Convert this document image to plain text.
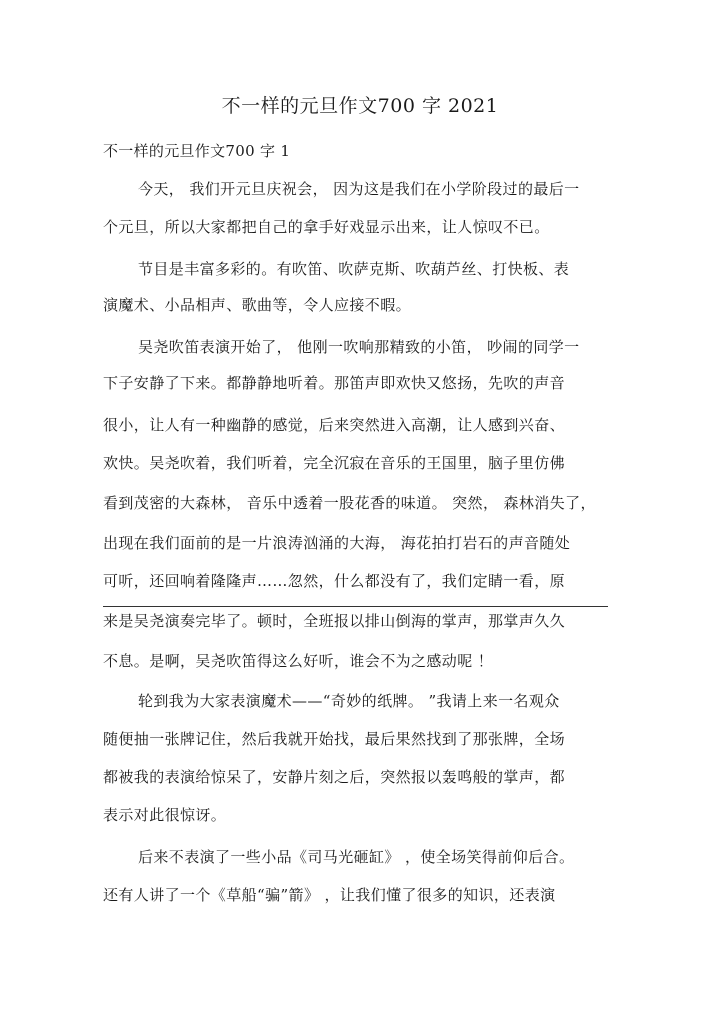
不一样的元旦作文700 字 2021
不一样的元旦作文700 字 1
今天， 我们开元旦庆祝会， 因为这是我们在小学阶段过的最后一
个元旦，所以大家都把自己的拿手好戏显示出来，让人惊叹不已。
节目是丰富多彩的。有吹笛、吹萨克斯、吹葫芦丝、打快板、表
演魔术、小品相声、歌曲等，令人应接不暇。
吴尧吹笛表演开始了， 他刚一吹响那精致的小笛， 吵闹的同学一
下子安静了下来。都静静地听着。那笛声即欢快又悠扬，先吹的声音
很小，让人有一种幽静的感觉，后来突然进入高潮，让人感到兴奋、
欢快。吴尧吹着，我们听着，完全沉寂在音乐的王国里，脑子里仿佛
看到茂密的大森林， 音乐中透着一股花香的味道。 突然， 森林消失了，
出现在我们面前的是一片浪涛汹涌的大海， 海花拍打岩石的声音随处
可听，还回响着隆隆声……忽然，什么都没有了，我们定睛一看，原
来是吴尧演奏完毕了。顿时，全班报以排山倒海的掌声，那掌声久久
不息。是啊，吴尧吹笛得这么好听，谁会不为之感动呢 ！
轮到我为大家表演魔术——“奇妙的纸牌。 ”我请上来一名观众
随便抽一张牌记住，然后我就开始找，最后果然找到了那张牌，全场
都被我的表演给惊呆了，安静片刻之后，突然报以轰鸣般的掌声，都
表示对此很惊讶。
后来不表演了一些小品《司马光砸缸》 ，使全场笑得前仰后合。
还有人讲了一个《草船“骗”箭》 ，让我们懂了很多的知识，还表演
